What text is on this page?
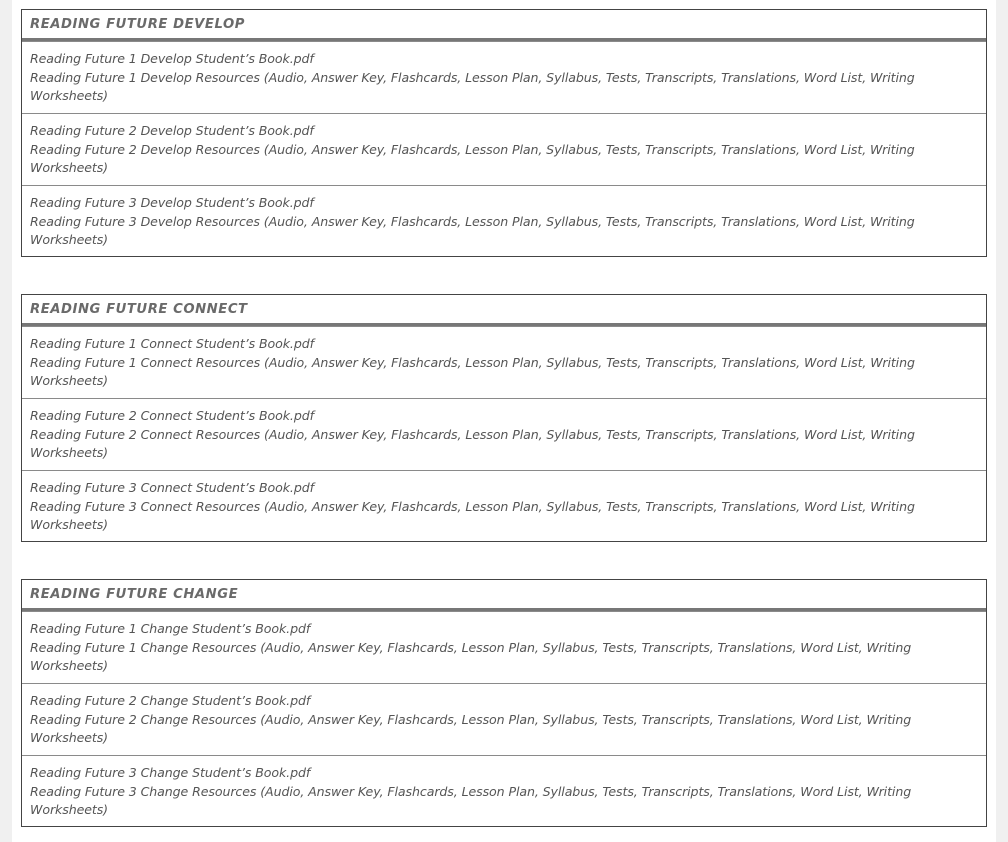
READING FUTURE DEVELOP
Reading Future 1 Develop Student’s Book.pdf
Reading Future 1 Develop Resources (Audio, Answer Key, Flashcards, Lesson Plan, Syllabus, Tests, Transcripts, Translations, Word List, Writing Worksheets)
Reading Future 2 Develop Student’s Book.pdf
Reading Future 2 Develop Resources (Audio, Answer Key, Flashcards, Lesson Plan, Syllabus, Tests, Transcripts, Translations, Word List, Writing Worksheets)
Reading Future 3 Develop Student’s Book.pdf
Reading Future 3 Develop Resources (Audio, Answer Key, Flashcards, Lesson Plan, Syllabus, Tests, Transcripts, Translations, Word List, Writing Worksheets)
READING FUTURE CONNECT
Reading Future 1 Connect Student’s Book.pdf
Reading Future 1 Connect Resources (Audio, Answer Key, Flashcards, Lesson Plan, Syllabus, Tests, Transcripts, Translations, Word List, Writing Worksheets)
Reading Future 2 Connect Student’s Book.pdf
Reading Future 2 Connect Resources (Audio, Answer Key, Flashcards, Lesson Plan, Syllabus, Tests, Transcripts, Translations, Word List, Writing Worksheets)
Reading Future 3 Connect Student’s Book.pdf
Reading Future 3 Connect Resources (Audio, Answer Key, Flashcards, Lesson Plan, Syllabus, Tests, Transcripts, Translations, Word List, Writing Worksheets)
READING FUTURE CHANGE
Reading Future 1 Change Student’s Book.pdf
Reading Future 1 Change Resources (Audio, Answer Key, Flashcards, Lesson Plan, Syllabus, Tests, Transcripts, Translations, Word List, Writing Worksheets)
Reading Future 2 Change Student’s Book.pdf
Reading Future 2 Change Resources (Audio, Answer Key, Flashcards, Lesson Plan, Syllabus, Tests, Transcripts, Translations, Word List, Writing Worksheets)
Reading Future 3 Change Student’s Book.pdf
Reading Future 3 Change Resources (Audio, Answer Key, Flashcards, Lesson Plan, Syllabus, Tests, Transcripts, Translations, Word List, Writing Worksheets)
